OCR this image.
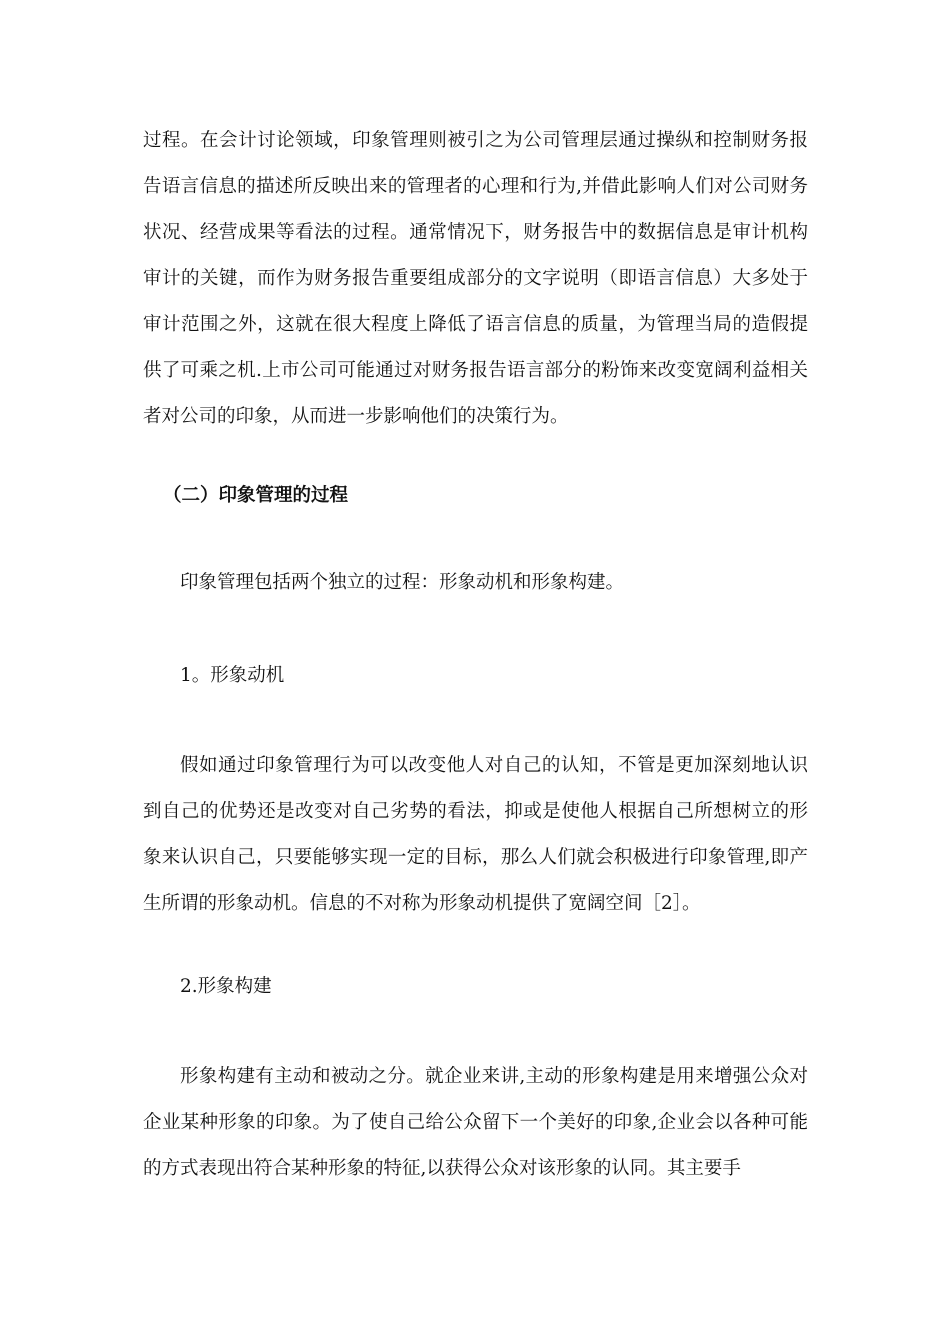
过程。在会计讨论领域，印象管理则被引之为公司管理层通过操纵和控制财务报告语言信息的描述所反映出来的管理者的心理和行为,并借此影响人们对公司财务状况、经营成果等看法的过程。通常情况下，财务报告中的数据信息是审计机构审计的关键，而作为财务报告重要组成部分的文字说明（即语言信息）大多处于审计范围之外，这就在很大程度上降低了语言信息的质量，为管理当局的造假提供了可乘之机.上市公司可能通过对财务报告语言部分的粉饰来改变宽阔利益相关者对公司的印象，从而进一步影响他们的决策行为。

（二）印象管理的过程

印象管理包括两个独立的过程：形象动机和形象构建。

1。形象动机

假如通过印象管理行为可以改变他人对自己的认知，不管是更加深刻地认识到自己的优势还是改变对自己劣势的看法，抑或是使他人根据自己所想树立的形象来认识自己，只要能够实现一定的目标，那么人们就会积极进行印象管理,即产生所谓的形象动机。信息的不对称为形象动机提供了宽阔空间［2］。

2.形象构建

形象构建有主动和被动之分。就企业来讲,主动的形象构建是用来增强公众对企业某种形象的印象。为了使自己给公众留下一个美好的印象,企业会以各种可能的方式表现出符合某种形象的特征,以获得公众对该形象的认同。其主要手
